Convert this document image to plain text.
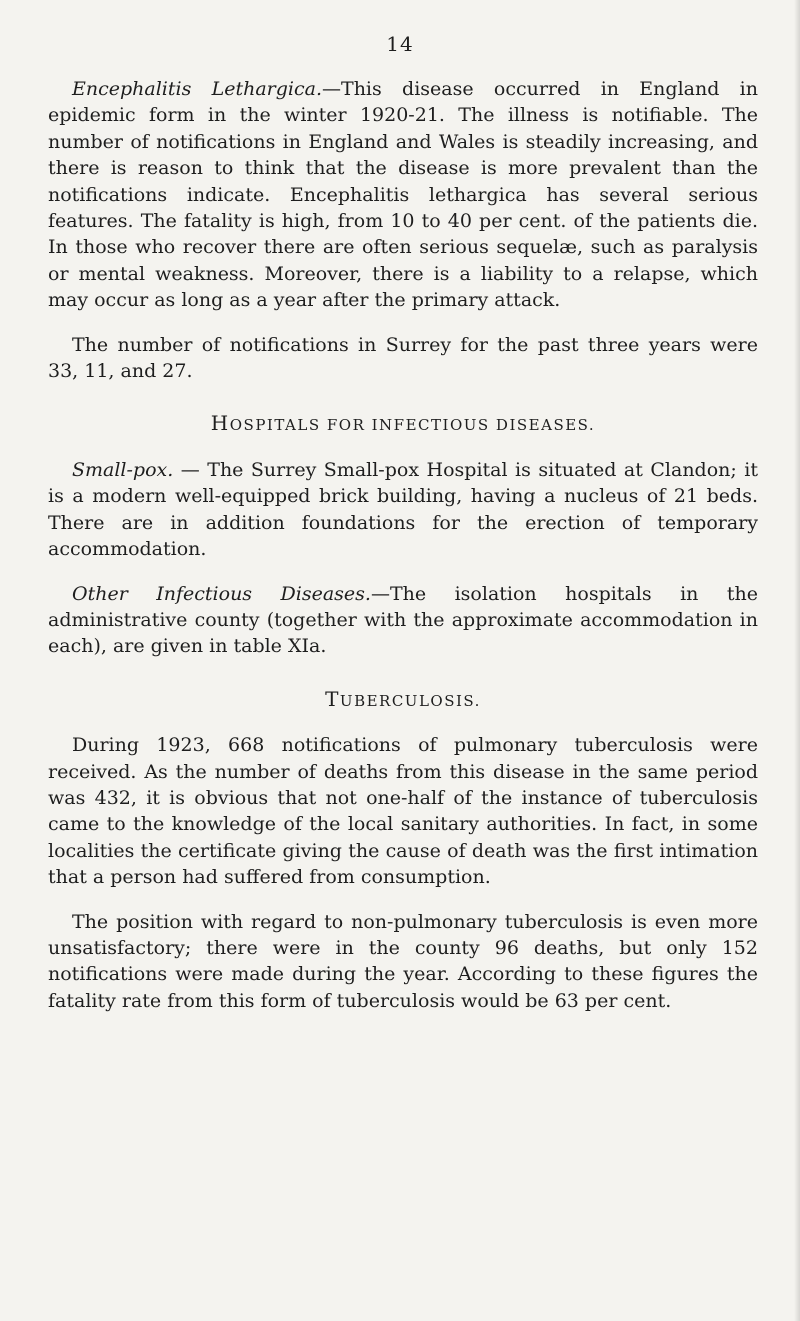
14

Encephalitis Lethargica.—This disease occurred in England in epidemic form in the winter 1920-21. The illness is notifiable. The number of notifications in England and Wales is steadily increasing, and there is reason to think that the disease is more prevalent than the notifications indicate. Encephalitis lethargica has several serious features. The fatality is high, from 10 to 40 per cent. of the patients die. In those who recover there are often serious sequelæ, such as paralysis or mental weakness. Moreover, there is a liability to a relapse, which may occur as long as a year after the primary attack.

The number of notifications in Surrey for the past three years were 33, 11, and 27.

HOSPITALS FOR INFECTIOUS DISEASES.

Small-pox. — The Surrey Small-pox Hospital is situated at Clandon; it is a modern well-equipped brick building, having a nucleus of 21 beds. There are in addition foundations for the erection of temporary accommodation.

Other Infectious Diseases.—The isolation hospitals in the administrative county (together with the approximate accommodation in each), are given in table XIa.

TUBERCULOSIS.

During 1923, 668 notifications of pulmonary tuberculosis were received. As the number of deaths from this disease in the same period was 432, it is obvious that not one-half of the instance of tuberculosis came to the knowledge of the local sanitary authorities. In fact, in some localities the certificate giving the cause of death was the first intimation that a person had suffered from consumption.

The position with regard to non-pulmonary tuberculosis is even more unsatisfactory; there were in the county 96 deaths, but only 152 notifications were made during the year. According to these figures the fatality rate from this form of tuberculosis would be 63 per cent.
